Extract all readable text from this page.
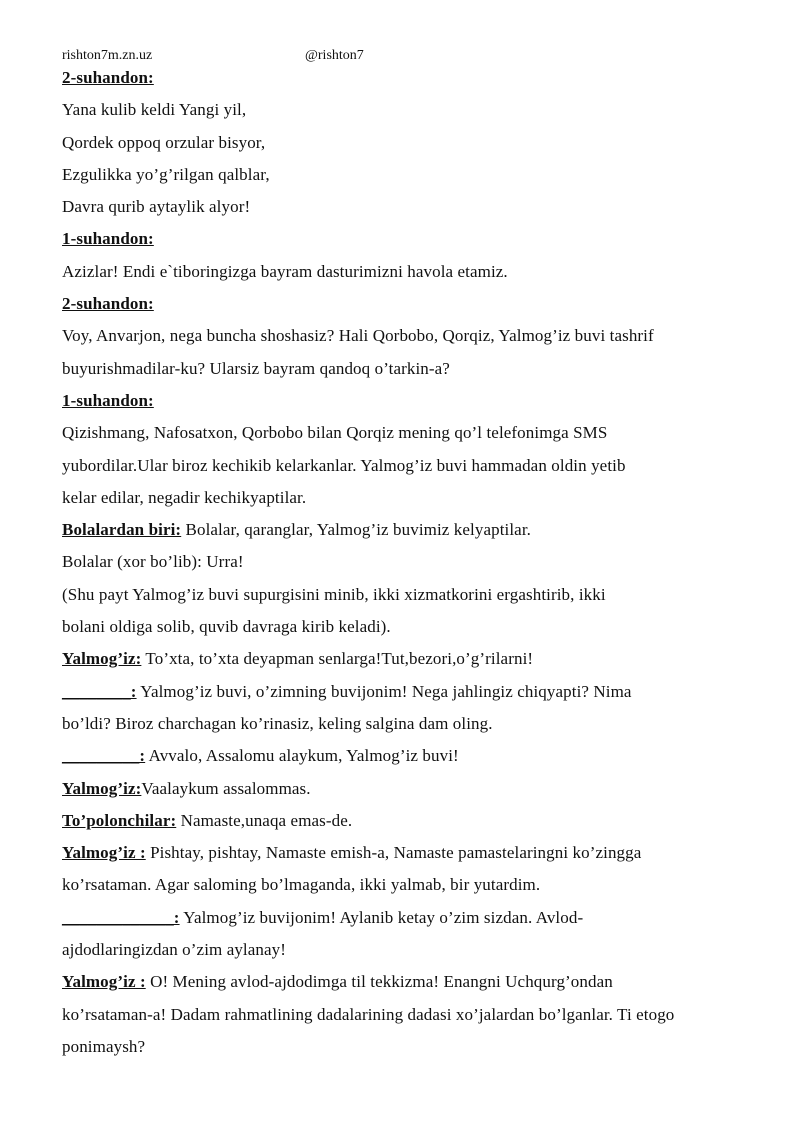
rishton7m.zn.uz	@rishton7

2-suhandon:

Yana kulib keldi Yangi yil,

Qordek oppoq orzular bisyor,

Ezgulikka yo’g’rilgan qalblar,

Davra qurib aytaylik alyor!

1-suhandon:

Azizlar! Endi e`tiboringizga bayram dasturimizni havola etamiz.

2-suhandon:

Voy, Anvarjon, nega buncha shoshasiz? Hali Qorbobo, Qorqiz, Yalmog’iz buvi tashrif

buyurishmadilar-ku? Ularsiz bayram qandoq o’tarkin-a?

1-suhandon:

Qizishmang, Nafosatxon, Qorbobo bilan Qorqiz mening qo’l telefonimga SMS

yubordilar.Ular biroz kechikib kelarkanlar. Yalmog’iz buvi hammadan oldin yetib

kelar edilar, negadir kechikyaptilar.

Bolalardan biri: Bolalar, qaranglar, Yalmog’iz buvimiz kelyaptilar.

Bolalar (xor bo’lib): Urra!

(Shu payt Yalmog’iz buvi supurgisini minib, ikki xizmatkorini ergashtirib, ikki

bolani oldiga solib, quvib davraga kirib keladi).

Yalmog’iz: To’xta, to’xta deyapman senlarga!Tut,bezori,o’g’rilarni!

________: Yalmog’iz buvi, o’zimning buvijonim! Nega jahlingiz chiqyapti? Nima

bo’ldi? Biroz charchagan ko’rinasiz, keling salgina dam oling.

_________: Avvalo, Assalomu alaykum, Yalmog’iz buvi!

Yalmog’iz:Vaalaykum assalommas.

To’polonchilar: Namaste,unaqa emas-de.

Yalmog’iz : Pishtay, pishtay, Namaste emish-a, Namaste pamastelaringni ko’zingga

ko’rsataman. Agar saloming bo’lmaganda, ikki yalmab, bir yutardim.

_____________: Yalmog’iz buvijonim! Aylanib ketay o’zim sizdan. Avlod-

ajdodlaringizdan o’zim aylanay!

Yalmog’iz : O! Mening avlod-ajdodimga til tekkizma! Enangni Uchqurg’ondan

ko’rsataman-a! Dadam rahmatlining dadalarining dadasi xo’jalardan bo’lganlar. Ti etogo

ponimaysh?
